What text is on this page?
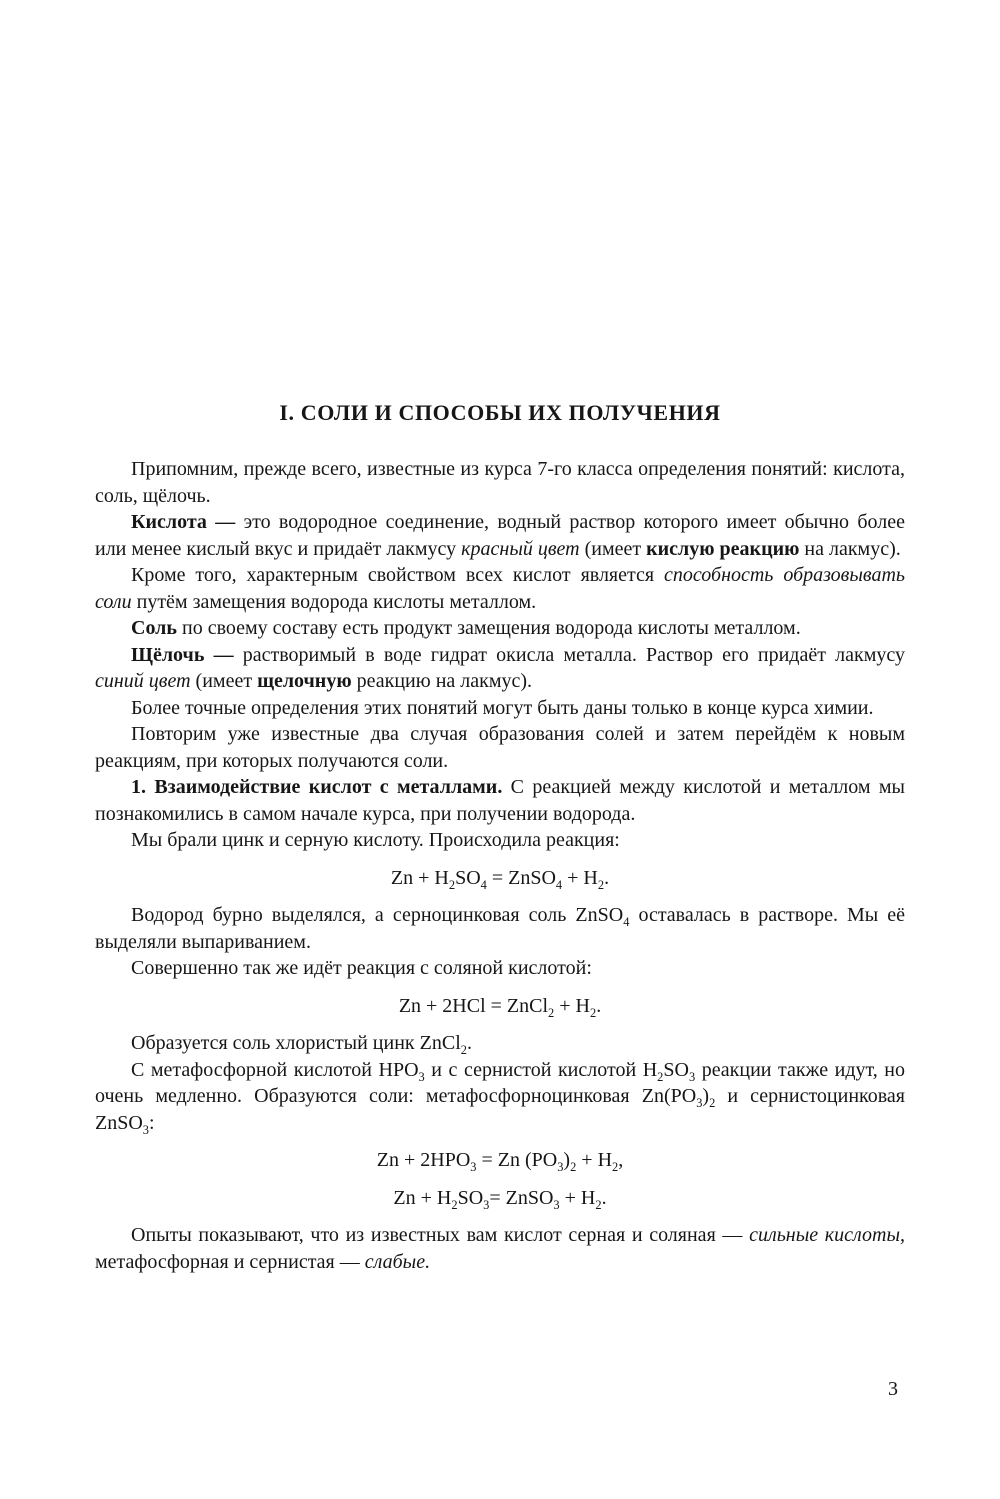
I. СОЛИ И СПОСОБЫ ИХ ПОЛУЧЕНИЯ

Припомним, прежде всего, известные из курса 7-го класса определения понятий: кислота, соль, щёлочь.

Кислота — это водородное соединение, водный раствор которого имеет обычно более или менее кислый вкус и придаёт лакмусу красный цвет (имеет кислую реакцию на лакмус).

Кроме того, характерным свойством всех кислот является способность образовывать соли путём замещения водорода кислоты металлом.

Соль по своему составу есть продукт замещения водорода кислоты металлом.

Щёлочь — растворимый в воде гидрат окисла металла. Раствор его придаёт лакмусу синий цвет (имеет щелочную реакцию на лакмус).

Более точные определения этих понятий могут быть даны только в конце курса химии.

Повторим уже известные два случая образования солей и затем перейдём к новым реакциям, при которых получаются соли.

1. Взаимодействие кислот с металлами. С реакцией между кислотой и металлом мы познакомились в самом начале курса, при получении водорода.

Мы брали цинк и серную кислоту. Происходила реакция:

$Zn + H_2SO_4$ = ZnSO$_4$ + $H_2$.

Водород бурно выделялся, а серноцинковая соль ZnSO$_4$ оставалась в растворе. Мы её выделяли выпариванием.

Совершенно так же идёт реакция с соляной кислотой:

Zn + 2HCl = ZnCl$_2$ + $H_2$.

Образуется соль хлористый цинк ZnCl$_2$.

С метафосфорной кислотой $HPO_3$ и с сернистой кислотой $H_2SO_3$ реакции также идут, но очень медленно. Образуются соли: метафосфорноцинковая $Zn(PO_3)_2$ и сернистоцинковая ZnSO$_3$:

$Zn + 2HPO_3 = Zn$ $(PO_3)_2 + H_2$,

$Zn + H_2SO_3=$ ZnSO$_3$ + $H_2$.

Опыты показывают, что из известных вам кислот серная и соляная — сильные кислоты, метафосфорная и сернистая — слабые.

3
